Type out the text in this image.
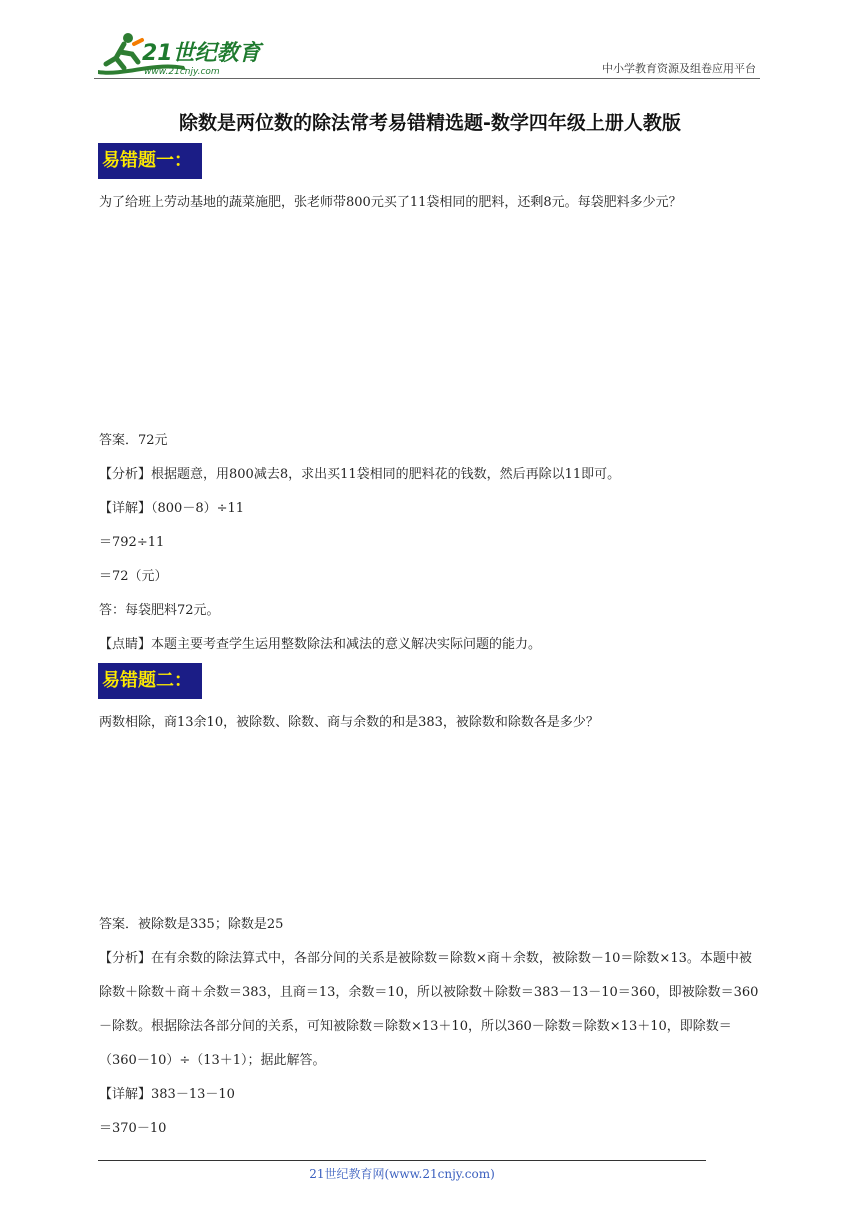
21世纪教育
www.21cnjy.com	中小学教育资源及组卷应用平台
除数是两位数的除法常考易错精选题-数学四年级上册人教版
易错题一：
为了给班上劳动基地的蔬菜施肥，张老师带800元买了11袋相同的肥料，还剩8元。每袋肥料多少元？
答案．72元
【分析】根据题意，用800减去8，求出买11袋相同的肥料花的钱数，然后再除以11即可。
【详解】（800－8）÷11
＝792÷11
＝72（元）
答：每袋肥料72元。
【点睛】本题主要考查学生运用整数除法和减法的意义解决实际问题的能力。
易错题二：
两数相除，商13余10，被除数、除数、商与余数的和是383，被除数和除数各是多少？
答案．被除数是335；除数是25
【分析】在有余数的除法算式中，各部分间的关系是被除数＝除数×商＋余数，被除数－10＝除数×13。本题中被除数＋除数＋商＋余数＝383，且商＝13，余数＝10，所以被除数＋除数＝383－13－10＝360，即被除数＝360－除数。根据除法各部分间的关系，可知被除数＝除数×13＋10，所以360－除数＝除数×13＋10，即除数＝（360－10）÷（13＋1）；据此解答。
【详解】383－13－10
＝370－10
21世纪教育网(www.21cnjy.com)
